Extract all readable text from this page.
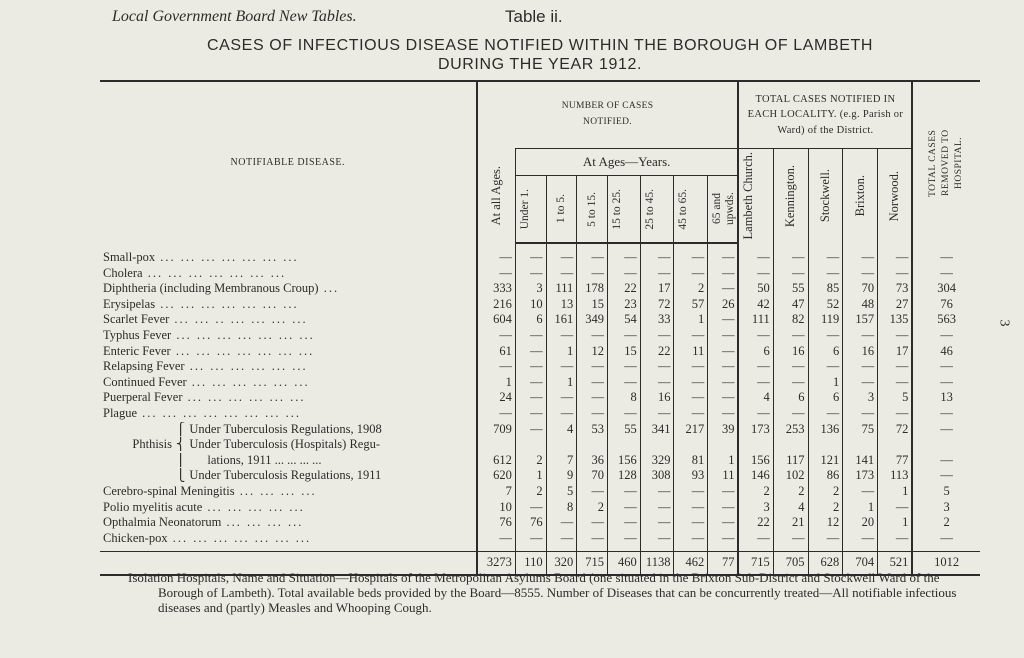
Local Government Board New Tables.	Table ii.
CASES OF INFECTIOUS DISEASE NOTIFIED WITHIN THE BOROUGH OF LAMBETH
DURING THE YEAR 1912.
3
NOTIFIABLE DISEASE.	NUMBER OF CASES NOTIFIED.								TOTAL CASES NOTIFIED IN EACH LOCALITY. (e.g. Parish or Ward) of the District.					TOTAL CASES REMOVED TO HOSPITAL.

	At all Ages.	At Ages—Years.							Lambeth Church.	Kennington.	Stockwell.	Brixton.	Norwood.	

		Under 1.	1 to 5.	5 to 15.	15 to 25.	25 to 45.	45 to 65.	65 and upwds.						

Small-pox ... ... ... ... ... ... ...	—	—	—	—	—	—	—	—	—	—	—	—	—	—
Cholera ... ... ... ... ... ... ...	—	—	—	—	—	—	—	—	—	—	—	—	—	—
Diphtheria (including Membranous Croup) ...	333	3	111	178	22	17	2	—	50	55	85	70	73	304
Erysipelas ... ... ... ... ... ... ...	216	10	13	15	23	72	57	26	42	47	52	48	27	76
Scarlet Fever ... ... .. ... ... ... ...	604	6	161	349	54	33	1	—	111	82	119	157	135	563
Typhus Fever ... ... ... ... ... ... ...	—	—	—	—	—	—	—	—	—	—	—	—	—	—
Enteric Fever ... ... ... ... ... ... ...	61	—	1	12	15	22	11	—	6	16	6	16	17	46
Relapsing Fever ... ... ... ... ... ...	—	—	—	—	—	—	—	—	—	—	—	—	—	—
Continued Fever ... ... ... ... ... ...	1	—	1	—	—	—	—	—	—	—	1	—	—	—
Puerperal Fever ... ... ... ... ... ...	24	—	—	—	8	16	—	—	4	6	6	3	5	13
Plague ... ... ... ... ... ... ... ...	—	—	—	—	—	—	—	—	—	—	—	—	—	—
⎧ Under Tuberculosis Regulations, 1908	709	—	4	53	55	341	217	39	173	253	136	75	72	—
Phthisis ⎨ Under Tuberculosis (Hospitals) Regu-														
⎪ lations, 1911 ... ... ... ...	612	2	7	36	156	329	81	1	156	117	121	141	77	—
⎩ Under Tuberculosis Regulations, 1911	620	1	9	70	128	308	93	11	146	102	86	173	113	—
Cerebro-spinal Meningitis ... ... ... ...	7	2	5	—	—	—	—	—	2	2	2	—	1	5
Polio myelitis acute ... ... ... ... ...	10	—	8	2	—	—	—	—	3	4	2	1	—	3
Opthalmia Neonatorum ... ... ... ...	76	76	—	—	—	—	—	—	22	21	12	20	1	2
Chicken-pox ... ... ... ... ... ... ...	—	—	—	—	—	—	—	—	—	—	—	—	—	—

	3273	110	320	715	460	1138	462	77	715	705	628	704	521	1012

Isolation Hospitals, Name and Situation—Hospitals of the Metropolitan Asylums Board (one situated in the Brixton Sub-District and Stockwell Ward of the Borough of Lambeth). Total available beds provided by the Board—8555. Number of Diseases that can be concurrently treated—All notifiable infectious diseases and (partly) Measles and Whooping Cough.
